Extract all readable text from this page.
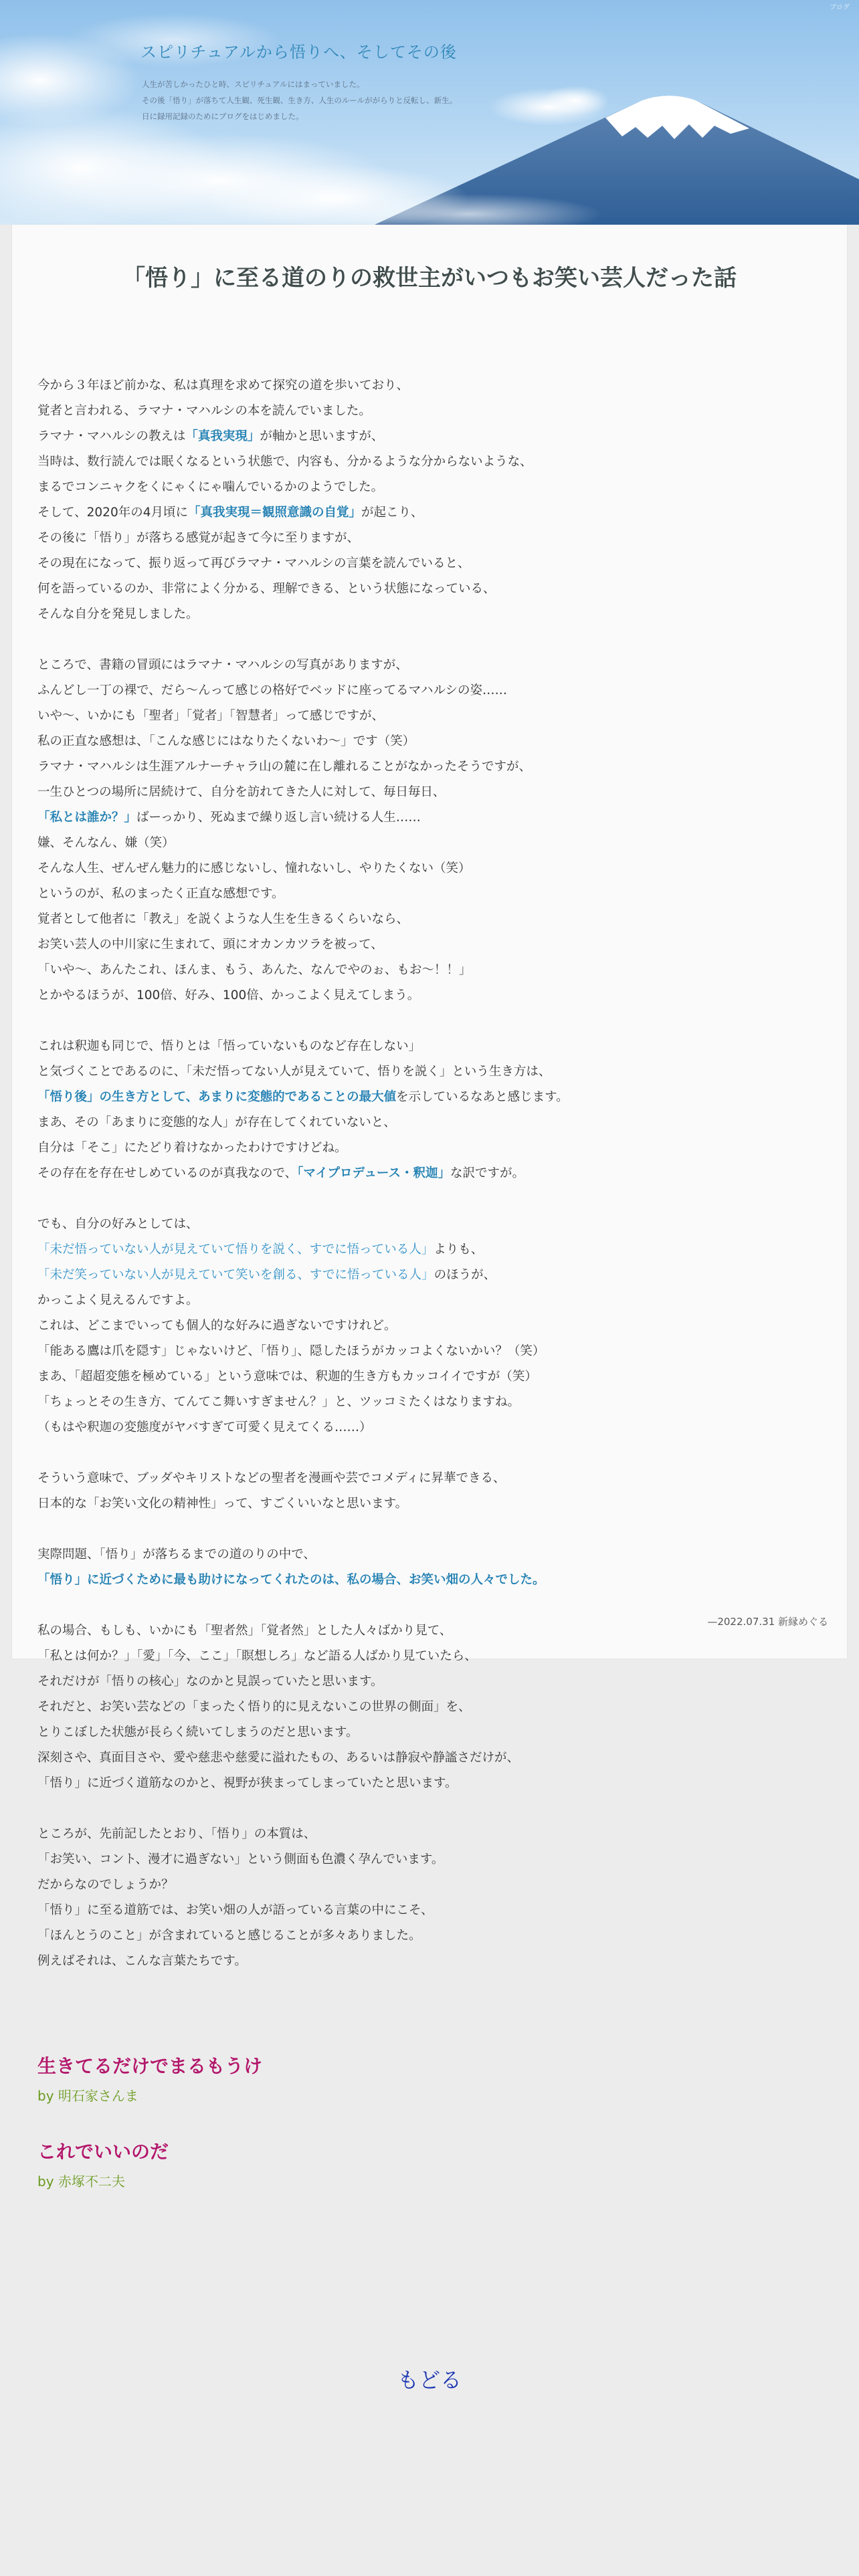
スピリチュアルから悟りへ、そしてその後
人生が苦しかったひと時、スピリチュアルにはまっていました。
その後「悟り」が落ちて人生観、死生観、生き方、人生のルールががらりと反転し、新生。
日に録用記録のためにブログをはじめました。
ブログ
「悟り」に至る道のりの救世主がいつもお笑い芸人だった話

今から３年ほど前かな、私は真理を求めて探究の道を歩いており、
覚者と言われる、ラマナ・マハルシの本を読んでいました。
ラマナ・マハルシの教えは「真我実現」が軸かと思いますが、
当時は、数行読んでは眠くなるという状態で、内容も、分かるような分からないような、
まるでコンニャクをくにゃくにゃ噛んでいるかのようでした。
そして、2020年の4月頃に「真我実現＝観照意識の自覚」が起こり、
その後に「悟り」が落ちる感覚が起きて今に至りますが、
その現在になって、振り返って再びラマナ・マハルシの言葉を読んでいると、
何を語っているのか、非常によく分かる、理解できる、という状態になっている、
そんな自分を発見しました。

ところで、書籍の冒頭にはラマナ・マハルシの写真がありますが、
ふんどし一丁の裸で、だら〜んって感じの格好でベッドに座ってるマハルシの姿‥‥‥
いや〜、いかにも「聖者」「覚者」「智慧者」って感じですが、
私の正直な感想は、「こんな感じにはなりたくないわ〜」です（笑）
ラマナ・マハルシは生涯アルナーチャラ山の麓に在し離れることがなかったそうですが、
一生ひとつの場所に居続けて、自分を訪れてきた人に対して、毎日毎日、
「私とは誰か？」ばーっかり、死ぬまで繰り返し言い続ける人生‥‥‥
嫌、そんなん、嫌（笑）
そんな人生、ぜんぜん魅力的に感じないし、憧れないし、やりたくない（笑）
というのが、私のまったく正直な感想です。
覚者として他者に「教え」を説くような人生を生きるくらいなら、
お笑い芸人の中川家に生まれて、頭にオカンカツラを被って、
「いや〜、あんたこれ、ほんま、もう、あんた、なんでやのぉ、もお〜！！」
とかやるほうが、100倍、好み、100倍、かっこよく見えてしまう。

これは釈迦も同じで、悟りとは「悟っていないものなど存在しない」
と気づくことであるのに、「未だ悟ってない人が見えていて、悟りを説く」という生き方は、
「悟り後」の生き方として、あまりに変態的であることの最大値を示しているなあと感じます。
まあ、その「あまりに変態的な人」が存在してくれていないと、
自分は「そこ」にたどり着けなかったわけですけどね。
その存在を存在せしめているのが真我なので、「マイプロデュース・釈迦」な訳ですが。

でも、自分の好みとしては、
「未だ悟っていない人が見えていて悟りを説く、すでに悟っている人」よりも、
「未だ笑っていない人が見えていて笑いを創る、すでに悟っている人」のほうが、
かっこよく見えるんですよ。
これは、どこまでいっても個人的な好みに過ぎないですけれど。
「能ある鷹は爪を隠す」じゃないけど、「悟り」、隠したほうがカッコよくないかい？（笑）
まあ、「超超変態を極めている」という意味では、釈迦的生き方もカッコイイですが（笑）
「ちょっとその生き方、てんてこ舞いすぎません？」と、ツッコミたくはなりますね。
（もはや釈迦の変態度がヤバすぎて可愛く見えてくる‥‥‥）

そういう意味で、ブッダやキリストなどの聖者を漫画や芸でコメディに昇華できる、
日本的な「お笑い文化の精神性」って、すごくいいなと思います。

実際問題、「悟り」が落ちるまでの道のりの中で、
「悟り」に近づくために最も助けになってくれたのは、私の場合、お笑い畑の人々でした。

私の場合、もしも、いかにも「聖者然」「覚者然」とした人々ばかり見て、
「私とは何か？」「愛」「今、ここ」「瞑想しろ」など語る人ばかり見ていたら、
それだけが「悟りの核心」なのかと見誤っていたと思います。
それだと、お笑い芸などの「まったく悟り的に見えないこの世界の側面」を、
とりこぼした状態が長らく続いてしまうのだと思います。
深刻さや、真面目さや、愛や慈悲や慈愛に溢れたもの、あるいは静寂や静謐さだけが、
「悟り」に近づく道筋なのかと、視野が狭まってしまっていたと思います。

ところが、先前記したとおり、「悟り」の本質は、
「お笑い、コント、漫才に過ぎない」という側面も色濃く孕んでいます。
だからなのでしょうか？
「悟り」に至る道筋では、お笑い畑の人が語っている言葉の中にこそ、
「ほんとうのこと」が含まれていると感じることが多々ありました。
例えばそれは、こんな言葉たちです。

—2022.07.31 新縁めぐる
生きてるだけでまるもうけ
by 明石家さんま
これでいいのだ
by 赤塚不二夫
もどる
